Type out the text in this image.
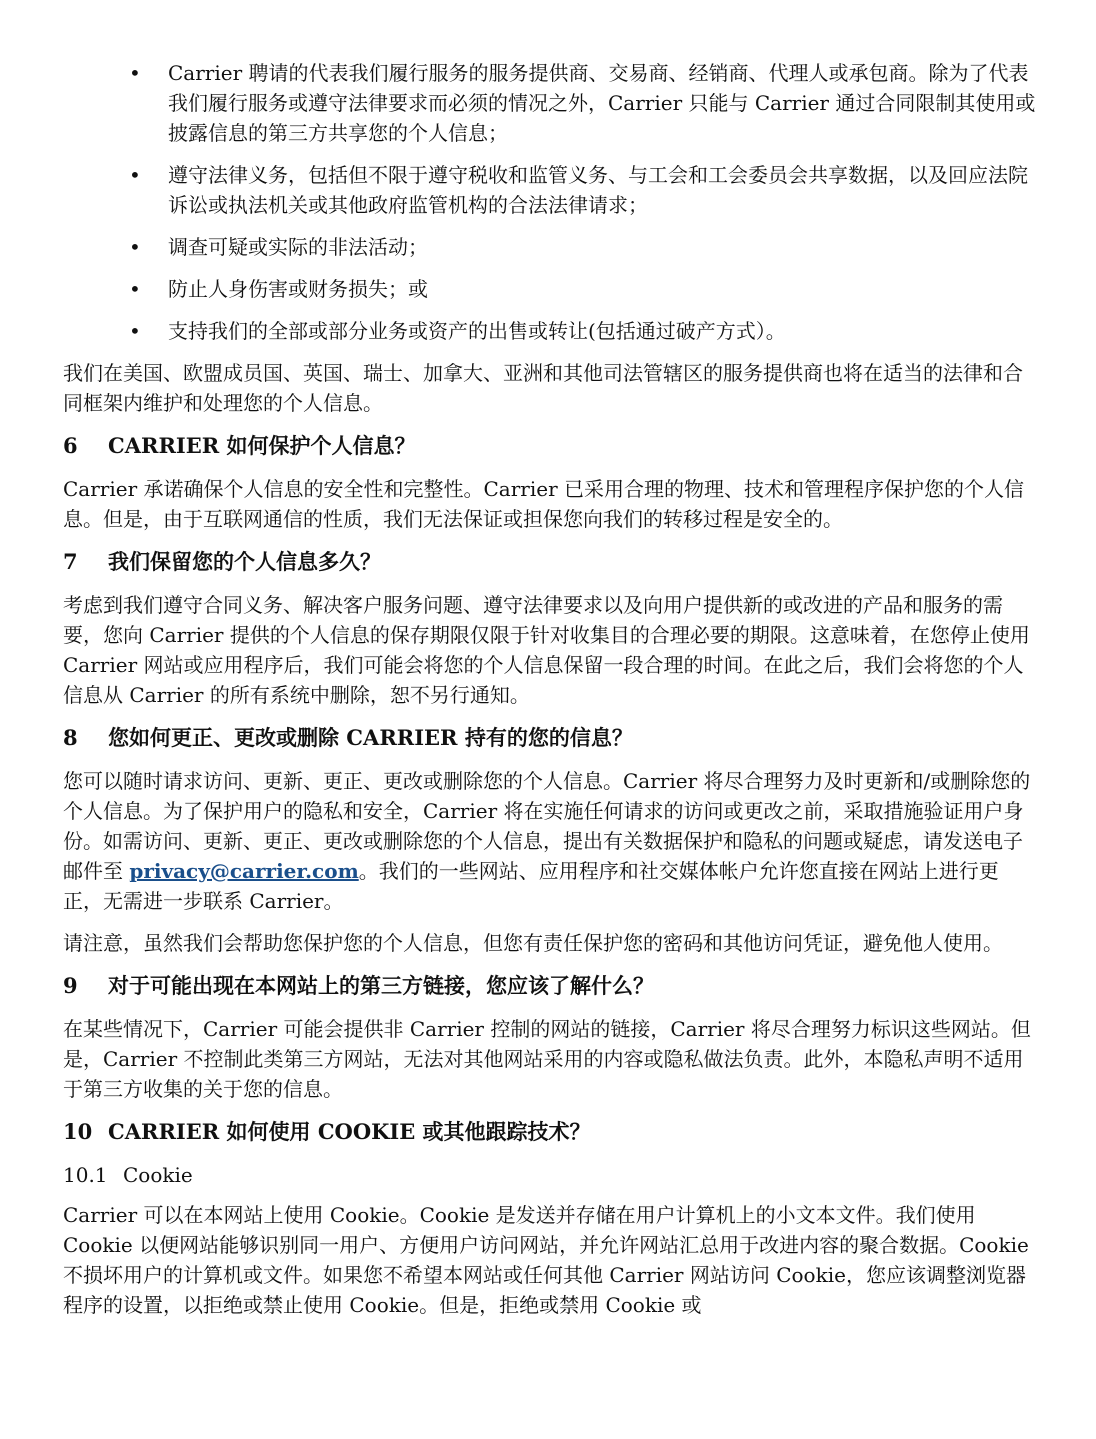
• Carrier 聘请的代表我们履行服务的服务提供商、交易商、经销商、代理人或承包商。除为了代表我们履行服务或遵守法律要求而必须的情况之外，Carrier 只能与 Carrier 通过合同限制其使用或披露信息的第三方共享您的个人信息；
• 遵守法律义务，包括但不限于遵守税收和监管义务、与工会和工会委员会共享数据，以及回应法院诉讼或执法机关或其他政府监管机构的合法法律请求；
• 调查可疑或实际的非法活动；
• 防止人身伤害或财务损失；或
• 支持我们的全部或部分业务或资产的出售或转让(包括通过破产方式）。

我们在美国、欧盟成员国、英国、瑞士、加拿大、亚洲和其他司法管辖区的服务提供商也将在适当的法律和合同框架内维护和处理您的个人信息。

6	CARRIER 如何保护个人信息？

Carrier 承诺确保个人信息的安全性和完整性。Carrier 已采用合理的物理、技术和管理程序保护您的个人信息。但是，由于互联网通信的性质，我们无法保证或担保您向我们的转移过程是安全的。

7	我们保留您的个人信息多久？

考虑到我们遵守合同义务、解决客户服务问题、遵守法律要求以及向用户提供新的或改进的产品和服务的需要，您向 Carrier 提供的个人信息的保存期限仅限于针对收集目的合理必要的期限。这意味着，在您停止使用 Carrier 网站或应用程序后，我们可能会将您的个人信息保留一段合理的时间。在此之后，我们会将您的个人信息从 Carrier 的所有系统中删除，恕不另行通知。

8	您如何更正、更改或删除 CARRIER 持有的您的信息？

您可以随时请求访问、更新、更正、更改或删除您的个人信息。Carrier 将尽合理努力及时更新和/或删除您的个人信息。为了保护用户的隐私和安全，Carrier 将在实施任何请求的访问或更改之前，采取措施验证用户身份。如需访问、更新、更正、更改或删除您的个人信息，提出有关数据保护和隐私的问题或疑虑，请发送电子邮件至 privacy@carrier.com。我们的一些网站、应用程序和社交媒体帐户允许您直接在网站上进行更正，无需进一步联系 Carrier。

请注意，虽然我们会帮助您保护您的个人信息，但您有责任保护您的密码和其他访问凭证，避免他人使用。

9	对于可能出现在本网站上的第三方链接，您应该了解什么？

在某些情况下，Carrier 可能会提供非 Carrier 控制的网站的链接，Carrier 将尽合理努力标识这些网站。但是，Carrier 不控制此类第三方网站，无法对其他网站采用的内容或隐私做法负责。此外，本隐私声明不适用于第三方收集的关于您的信息。

10 CARRIER 如何使用 COOKIE 或其他跟踪技术？
10.1 Cookie

Carrier 可以在本网站上使用 Cookie。Cookie 是发送并存储在用户计算机上的小文本文件。我们使用 Cookie 以便网站能够识别同一用户、方便用户访问网站，并允许网站汇总用于改进内容的聚合数据。Cookie 不损坏用户的计算机或文件。如果您不希望本网站或任何其他 Carrier 网站访问 Cookie，您应该调整浏览器程序的设置，以拒绝或禁止使用 Cookie。但是，拒绝或禁用 Cookie 或
